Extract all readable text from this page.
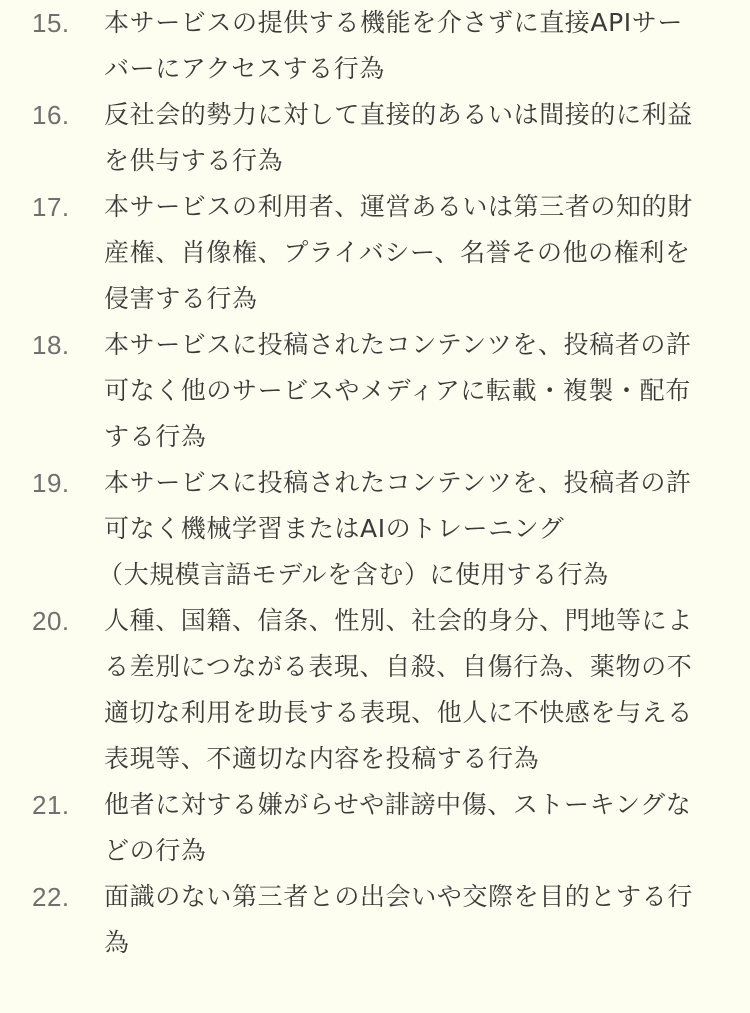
15. 本サービスの提供する機能を介さずに直接APIサーバーにアクセスする行為
16. 反社会的勢力に対して直接的あるいは間接的に利益を供与する行為
17. 本サービスの利用者、運営あるいは第三者の知的財産権、肖像権、プライバシー、名誉その他の権利を侵害する行為
18. 本サービスに投稿されたコンテンツを、投稿者の許可なく他のサービスやメディアに転載・複製・配布する行為
19. 本サービスに投稿されたコンテンツを、投稿者の許可なく機械学習またはAIのトレーニング
（大規模言語モデルを含む）に使用する行為
20. 人種、国籍、信条、性別、社会的身分、門地等による差別につながる表現、自殺、自傷行為、薬物の不適切な利用を助長する表現、他人に不快感を与える表現等、不適切な内容を投稿する行為
21. 他者に対する嫌がらせや誹謗中傷、ストーキングなどの行為
22. 面識のない第三者との出会いや交際を目的とする行為
